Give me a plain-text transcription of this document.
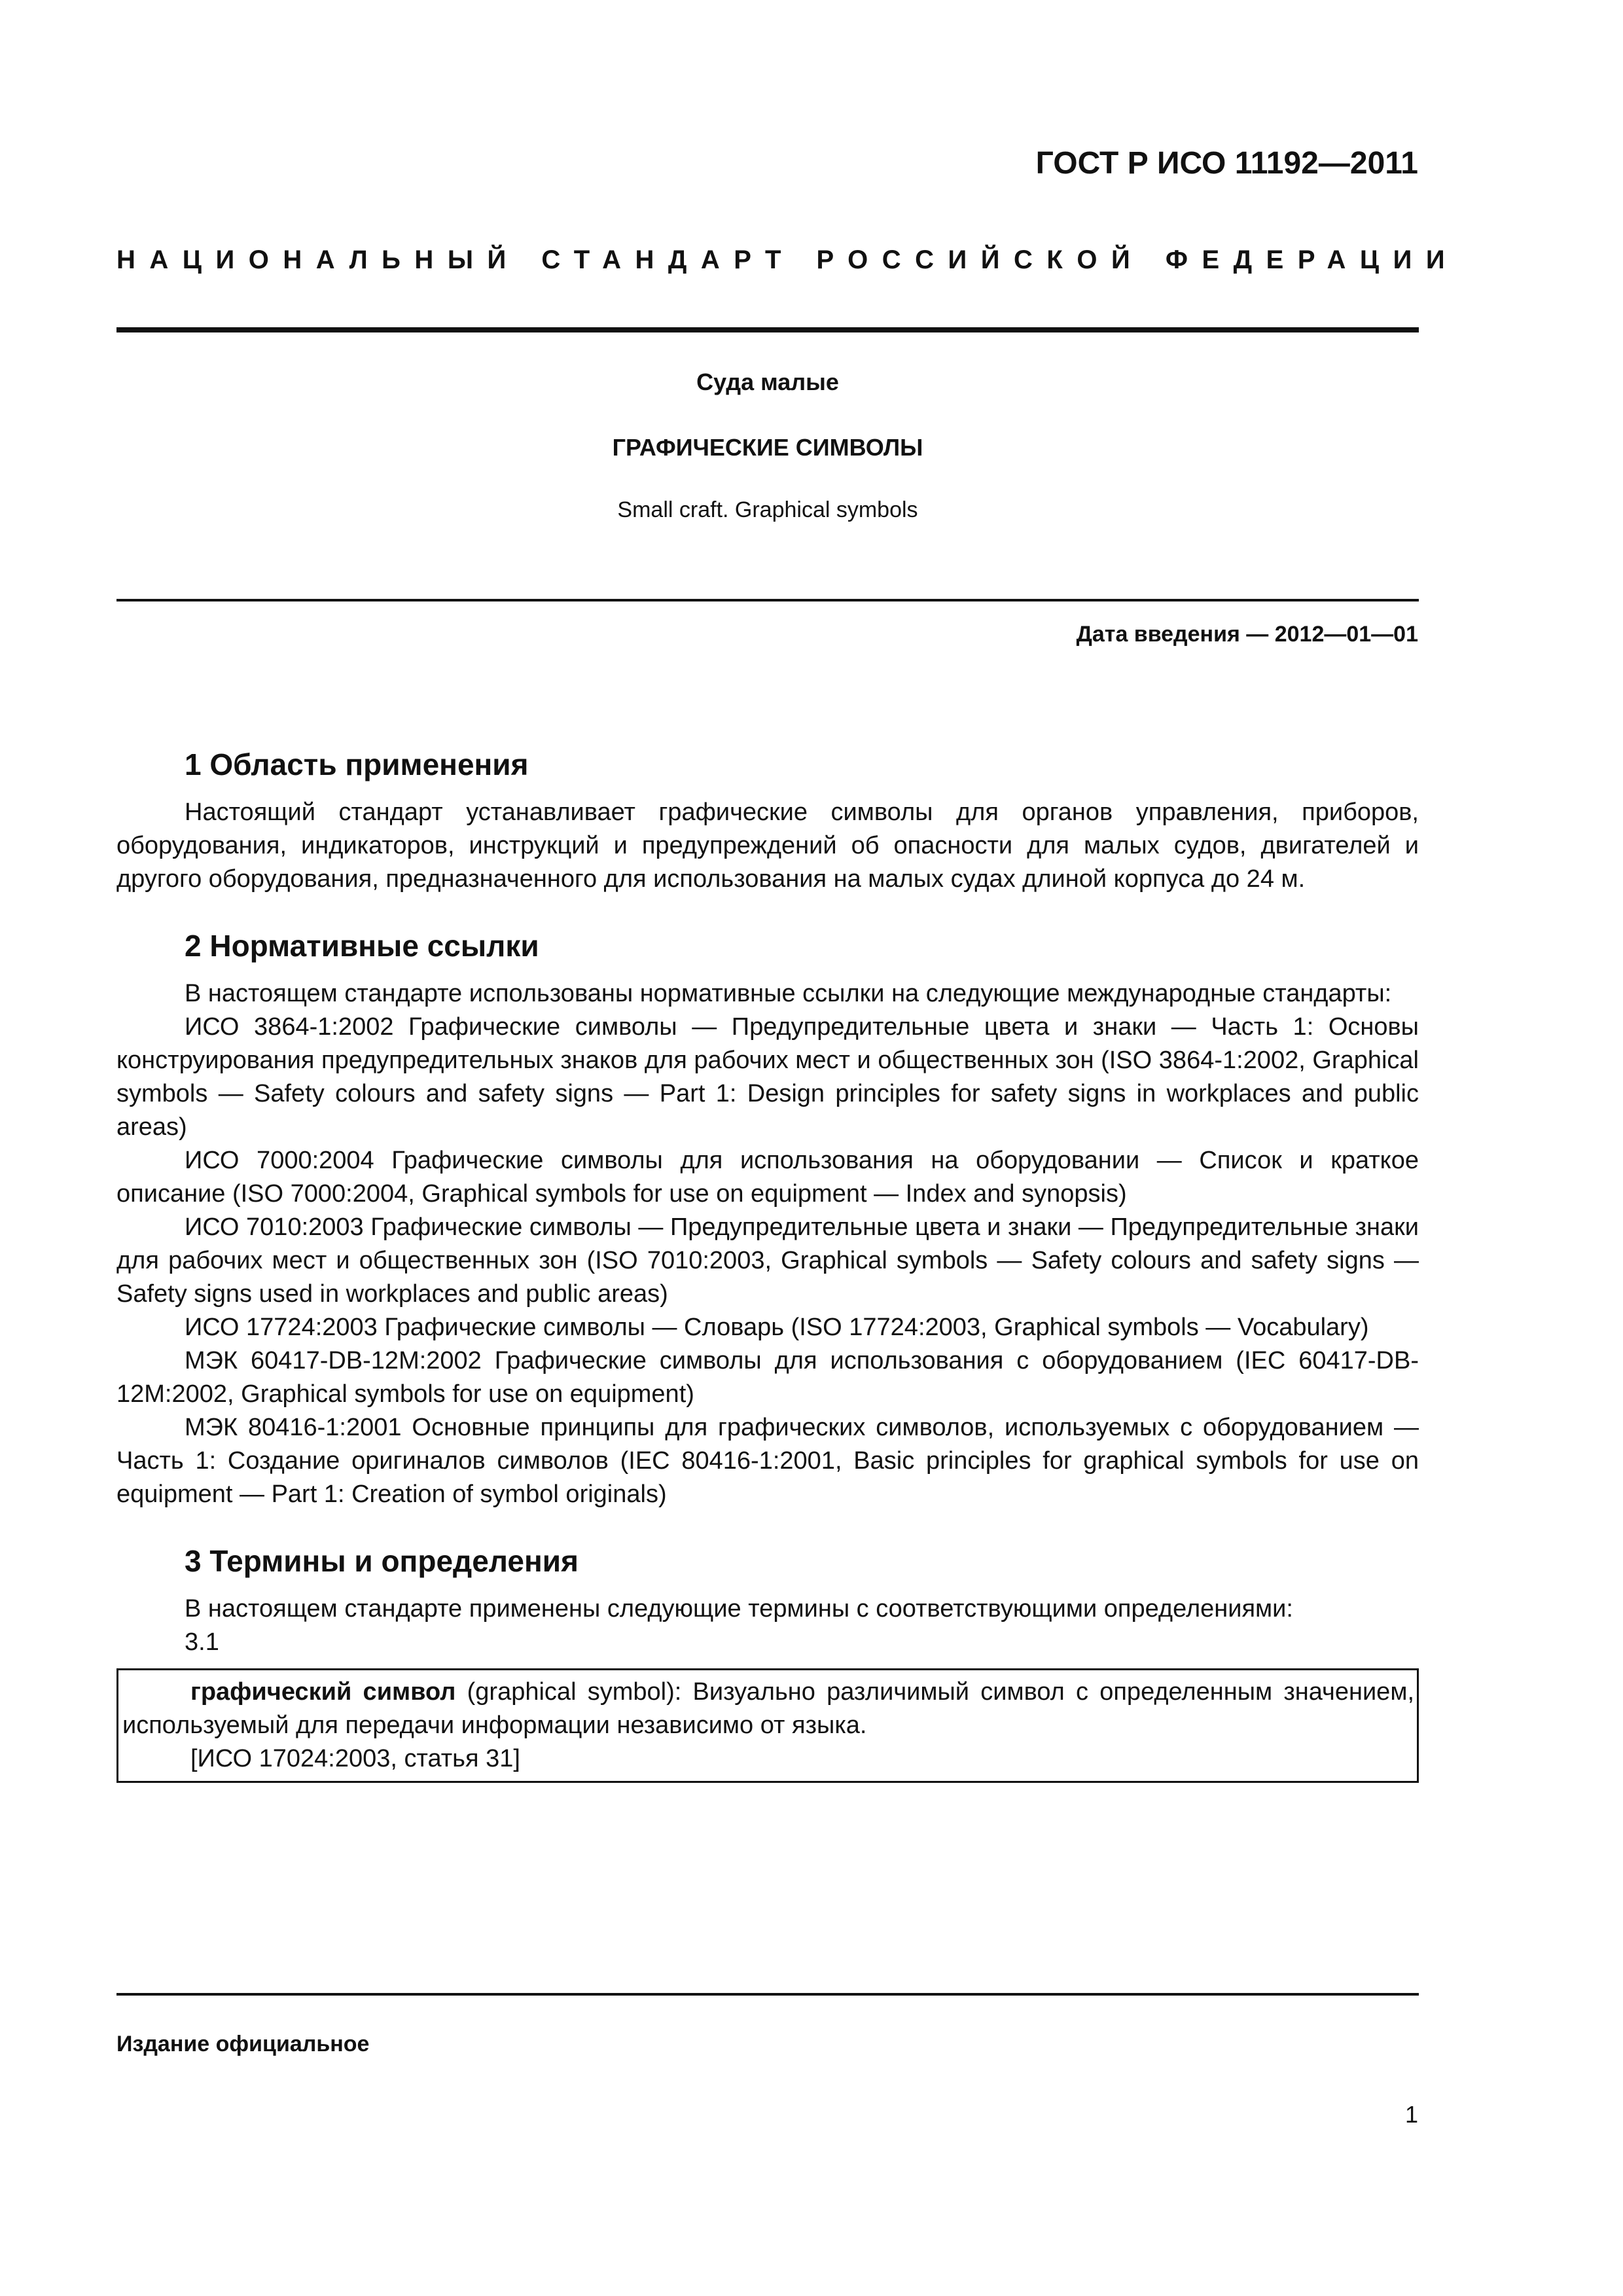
ГОСТ Р ИСО 11192—2011
НАЦИОНАЛЬНЫЙ СТАНДАРТ РОССИЙСКОЙ ФЕДЕРАЦИИ
Суда малые
ГРАФИЧЕСКИЕ СИМВОЛЫ
Small craft. Graphical symbols
Дата введения — 2012—01—01
1 Область применения

Настоящий стандарт устанавливает графические символы для органов управления, приборов, оборудования, индикаторов, инструкций и предупреждений об опасности для малых судов, двигателей и другого оборудования, предназначенного для использования на малых судах длиной корпуса до 24 м.

2 Нормативные ссылки

В настоящем стандарте использованы нормативные ссылки на следующие международные стандарты:

ИСО 3864-1:2002 Графические символы — Предупредительные цвета и знаки — Часть 1: Основы конструирования предупредительных знаков для рабочих мест и общественных зон (ISO 3864-1:2002, Graphical symbols — Safety colours and safety signs — Part 1: Design principles for safety signs in workplaces and public areas)

ИСО 7000:2004 Графические символы для использования на оборудовании — Список и краткое описание (ISO 7000:2004, Graphical symbols for use on equipment — Index and synopsis)

ИСО 7010:2003 Графические символы — Предупредительные цвета и знаки — Предупредительные знаки для рабочих мест и общественных зон (ISO 7010:2003, Graphical symbols — Safety colours and safety signs — Safety signs used in workplaces and public areas)

ИСО 17724:2003 Графические символы — Словарь (ISO 17724:2003, Graphical symbols — Vocabulary)

МЭК 60417-DB-12M:2002 Графические символы для использования с оборудованием (IEC 60417-DB-12M:2002, Graphical symbols for use on equipment)

МЭК 80416-1:2001 Основные принципы для графических символов, используемых с оборудованием — Часть 1: Создание оригиналов символов (IEC 80416-1:2001, Basic principles for graphical symbols for use on equipment — Part 1: Creation of symbol originals)

3 Термины и определения

В настоящем стандарте применены следующие термины с соответствующими определениями:

3.1

графический символ (graphical symbol): Визуально различимый символ с определенным значением, используемый для передачи информации независимо от языка.

[ИСО 17024:2003, статья 31]

Издание официальное
1
